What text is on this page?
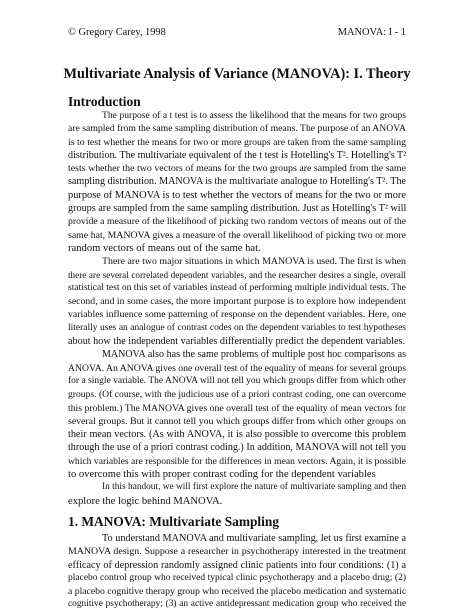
© Gregory Carey, 1998	MANOVA: I - 1
Multivariate Analysis of Variance (MANOVA): I. Theory
Introduction
The purpose of a t test is to assess the likelihood that the means for two groups
are sampled from the same sampling distribution of means. The purpose of an ANOVA
is to test whether the means for two or more groups are taken from the same sampling
distribution. The multivariate equivalent of the t test is Hotelling's T². Hotelling's T²
tests whether the two vectors of means for the two groups are sampled from the same
sampling distribution. MANOVA is the multivariate analogue to Hotelling's T². The
purpose of MANOVA is to test whether the vectors of means for the two or more
groups are sampled from the same sampling distribution. Just as Hotelling's T² will
provide a measure of the likelihood of picking two random vectors of means out of the
same hat, MANOVA gives a measure of the overall likelihood of picking two or more
random vectors of means out of the same hat.
There are two major situations in which MANOVA is used. The first is when
there are several correlated dependent variables, and the researcher desires a single, overall
statistical test on this set of variables instead of performing multiple individual tests. The
second, and in some cases, the more important purpose is to explore how independent
variables influence some patterning of response on the dependent variables. Here, one
literally uses an analogue of contrast codes on the dependent variables to test hypotheses
about how the independent variables differentially predict the dependent variables.
MANOVA also has the same problems of multiple post hoc comparisons as
ANOVA. An ANOVA gives one overall test of the equality of means for several groups
for a single variable. The ANOVA will not tell you which groups differ from which other
groups. (Of course, with the judicious use of a priori contrast coding, one can overcome
this problem.) The MANOVA gives one overall test of the equality of mean vectors for
several groups. But it cannot tell you which groups differ from which other groups on
their mean vectors. (As with ANOVA, it is also possible to overcome this problem
through the use of a priori contrast coding.) In addition, MANOVA will not tell you
which variables are responsible for the differences in mean vectors. Again, it is possible
to overcome this with proper contrast coding for the dependent variables
In this handout, we will first explore the nature of multivariate sampling and then
explore the logic behind MANOVA.
1. MANOVA: Multivariate Sampling
To understand MANOVA and multivariate sampling, let us first examine a
MANOVA design. Suppose a researcher in psychotherapy interested in the treatment
efficacy of depression randomly assigned clinic patients into four conditions: (1) a
placebo control group who received typical clinic psychotherapy and a placebo drug; (2)
a placebo cognitive therapy group who received the placebo medication and systematic
cognitive psychotherapy; (3) an active antidepressant medication group who received the
